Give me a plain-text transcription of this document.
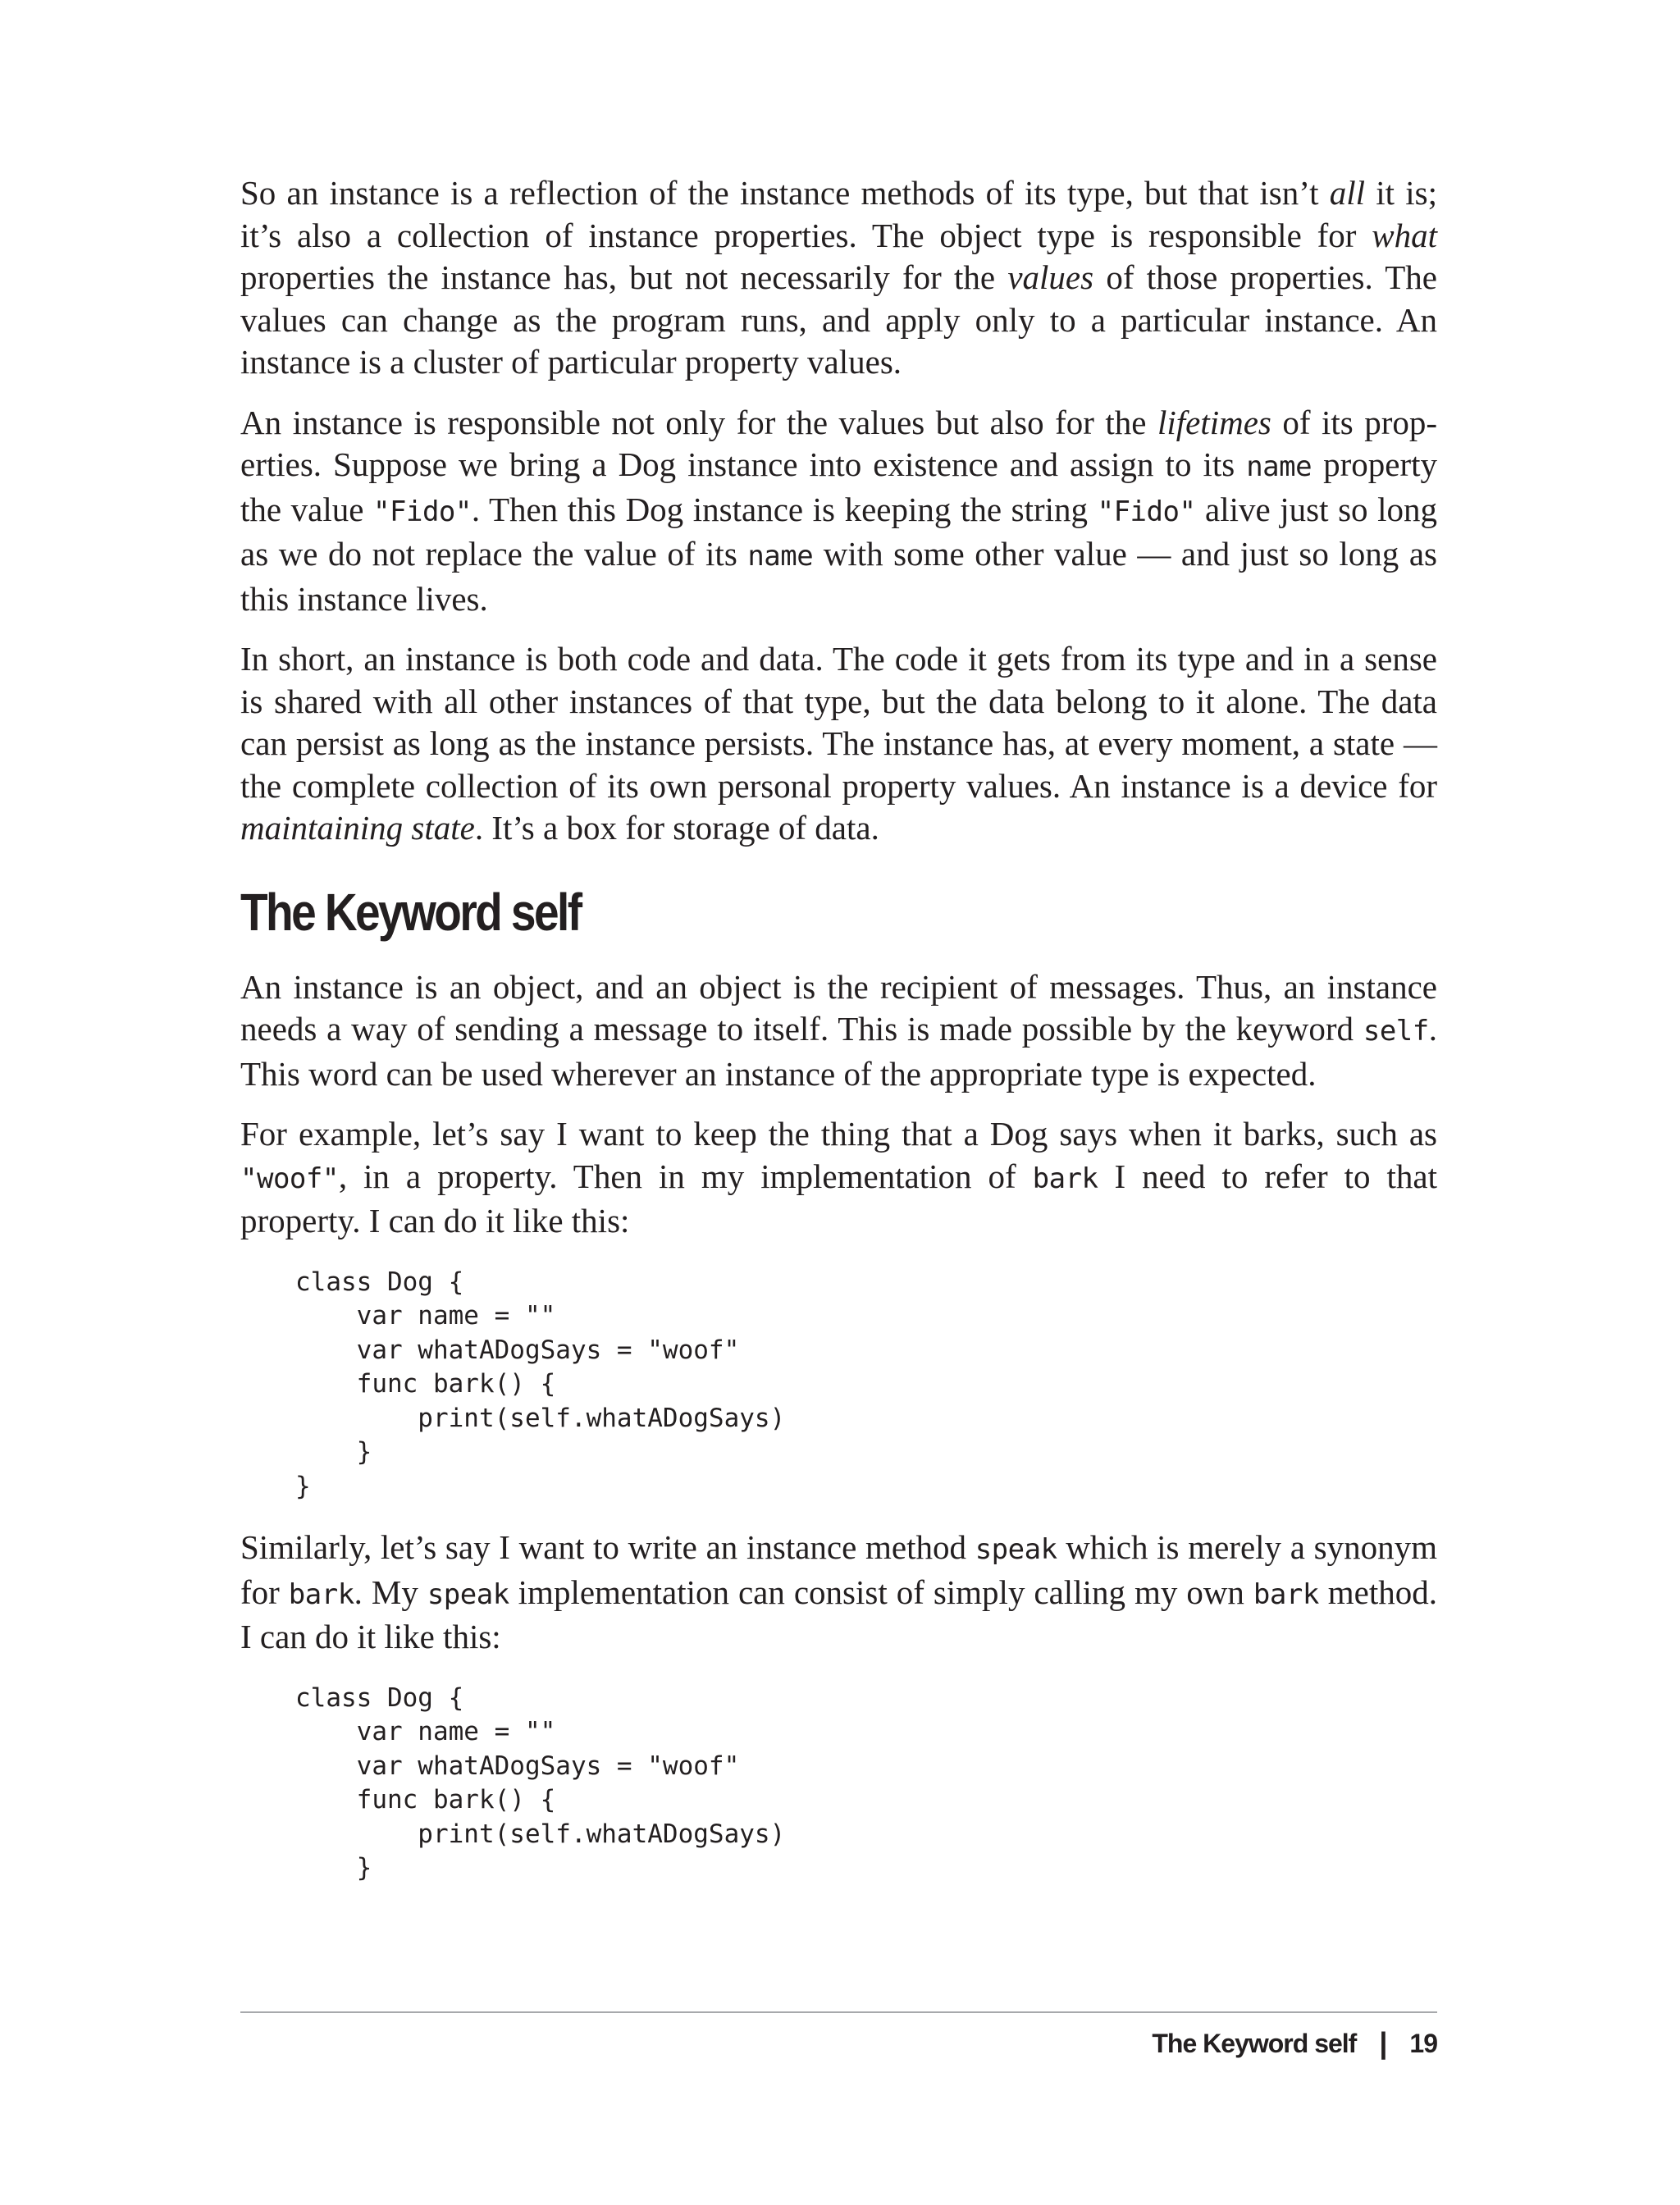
So an instance is a reflection of the instance methods of its type, but that isn’t all it is; it’s also a collection of instance properties. The object type is responsible for what properties the instance has, but not necessarily for the values of those properties. The values can change as the program runs, and apply only to a particular instance. An instance is a cluster of particular property values.

An instance is responsible not only for the values but also for the lifetimes of its properties. Suppose we bring a Dog instance into existence and assign to its name property the value "Fido". Then this Dog instance is keeping the string "Fido" alive just so long as we do not replace the value of its name with some other value — and just so long as this instance lives.

In short, an instance is both code and data. The code it gets from its type and in a sense is shared with all other instances of that type, but the data belong to it alone. The data can persist as long as the instance persists. The instance has, at every moment, a state — the complete collection of its own personal property values. An instance is a device for maintaining state. It’s a box for storage of data.

The Keyword self

An instance is an object, and an object is the recipient of messages. Thus, an instance needs a way of sending a message to itself. This is made possible by the keyword self. This word can be used wherever an instance of the appropriate type is expected.

For example, let’s say I want to keep the thing that a Dog says when it barks, such as "woof", in a property. Then in my implementation of bark I need to refer to that property. I can do it like this:

class Dog {
var name = ""
var whatADogSays = "woof"
func bark() {
print(self.whatADogSays)
}
}

Similarly, let’s say I want to write an instance method speak which is merely a synonym for bark. My speak implementation can consist of simply calling my own bark method. I can do it like this:

class Dog {
var name = ""
var whatADogSays = "woof"
func bark() {
print(self.whatADogSays)
}
The Keyword self | 19
